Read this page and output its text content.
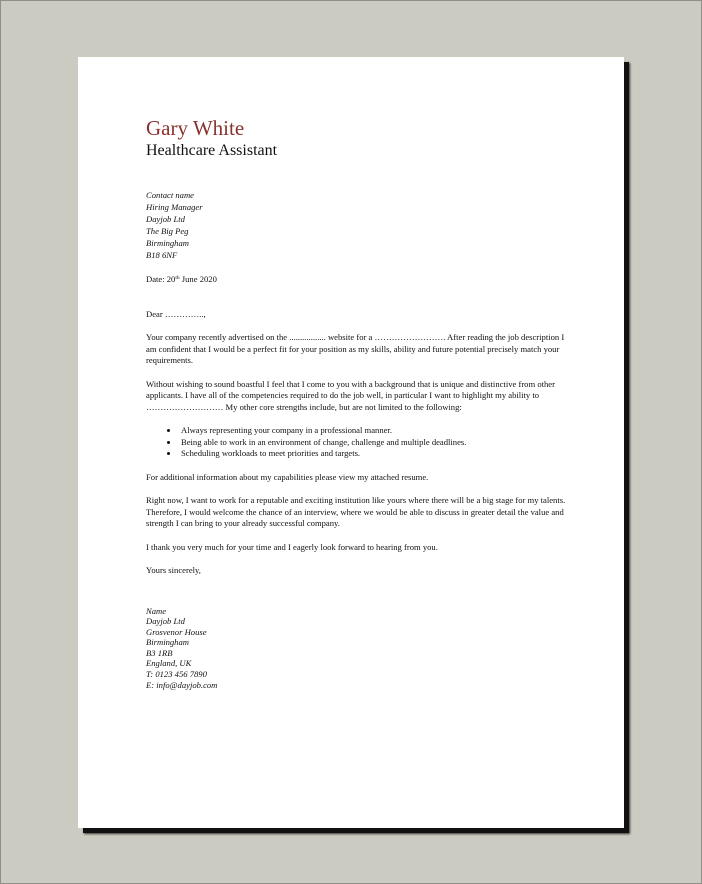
Gary White
Healthcare Assistant
Contact name
Hiring Manager
Dayjob Ltd
The Big Peg
Birmingham
B18 6NF
Date: 20th June 2020
Dear …………..,

Your company recently advertised on the ................. website for a ……………………. After reading the job description I am confident that I would be a perfect fit for your position as my skills, ability and future potential precisely match your requirements.

Without wishing to sound boastful I feel that I come to you with a background that is unique and distinctive from other applicants. I have all of the competencies required to do the job well, in particular I want to highlight my ability to ……………………… My other core strengths include, but are not limited to the following:

• Always representing your company in a professional manner.
• Being able to work in an environment of change, challenge and multiple deadlines.
• Scheduling workloads to meet priorities and targets.

For additional information about my capabilities please view my attached resume.

Right now, I want to work for a reputable and exciting institution like yours where there will be a big stage for my talents. Therefore, I would welcome the chance of an interview, where we would be able to discuss in greater detail the value and strength I can bring to your already successful company.

I thank you very much for your time and I eagerly look forward to hearing from you.

Yours sincerely,
Name
Dayjob Ltd
Grosvenor House
Birmingham
B3 1RB
England, UK
T: 0123 456 7890
E: info@dayjob.com
